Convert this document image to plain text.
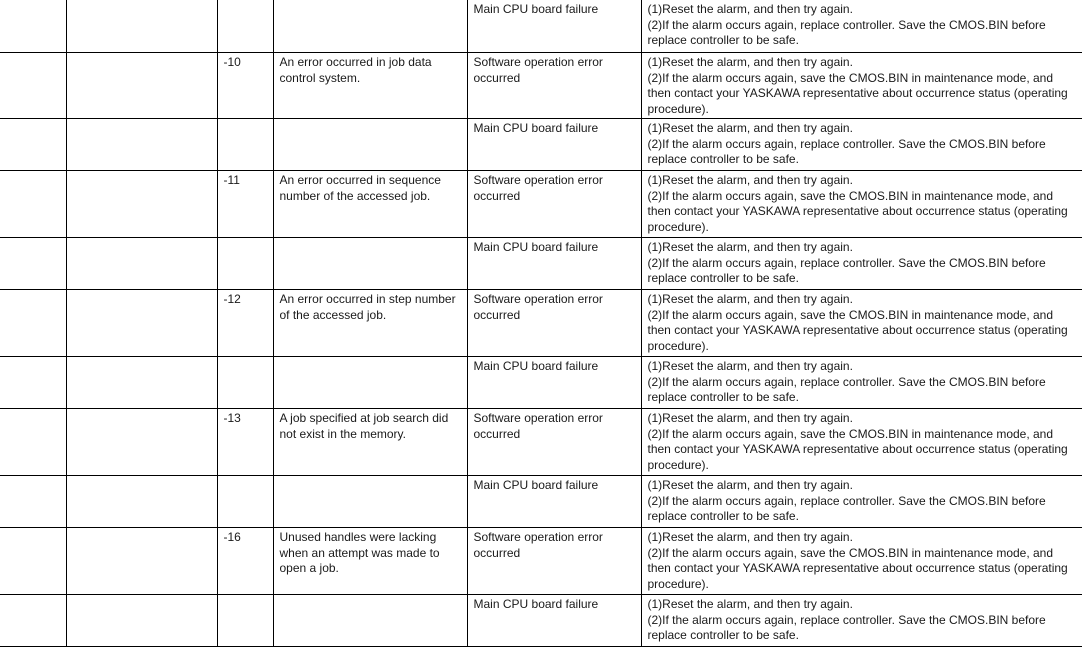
				Main CPU board failure	(1)Reset the alarm, and then try again.
(2)If the alarm occurs again, replace controller. Save the CMOS.BIN before
replace controller to be safe.

		-10	An error occurred in job data control system.	Software operation error occurred	(1)Reset the alarm, and then try again.
(2)If the alarm occurs again, save the CMOS.BIN in maintenance mode, and
then contact your YASKAWA representative about occurrence status (operating
procedure).

				Main CPU board failure	(1)Reset the alarm, and then try again.
(2)If the alarm occurs again, replace controller. Save the CMOS.BIN before
replace controller to be safe.

		-11	An error occurred in sequence number of the accessed job.	Software operation error occurred	(1)Reset the alarm, and then try again.
(2)If the alarm occurs again, save the CMOS.BIN in maintenance mode, and
then contact your YASKAWA representative about occurrence status (operating
procedure).

				Main CPU board failure	(1)Reset the alarm, and then try again.
(2)If the alarm occurs again, replace controller. Save the CMOS.BIN before
replace controller to be safe.

		-12	An error occurred in step number of the accessed job.	Software operation error occurred	(1)Reset the alarm, and then try again.
(2)If the alarm occurs again, save the CMOS.BIN in maintenance mode, and
then contact your YASKAWA representative about occurrence status (operating
procedure).

				Main CPU board failure	(1)Reset the alarm, and then try again.
(2)If the alarm occurs again, replace controller. Save the CMOS.BIN before
replace controller to be safe.

		-13	A job specified at job search did not exist in the memory.	Software operation error occurred	(1)Reset the alarm, and then try again.
(2)If the alarm occurs again, save the CMOS.BIN in maintenance mode, and
then contact your YASKAWA representative about occurrence status (operating
procedure).

				Main CPU board failure	(1)Reset the alarm, and then try again.
(2)If the alarm occurs again, replace controller. Save the CMOS.BIN before
replace controller to be safe.

		-16	Unused handles were lacking when an attempt was made to open a job.	Software operation error occurred	(1)Reset the alarm, and then try again.
(2)If the alarm occurs again, save the CMOS.BIN in maintenance mode, and
then contact your YASKAWA representative about occurrence status (operating
procedure).

				Main CPU board failure	(1)Reset the alarm, and then try again.
(2)If the alarm occurs again, replace controller. Save the CMOS.BIN before
replace controller to be safe.
